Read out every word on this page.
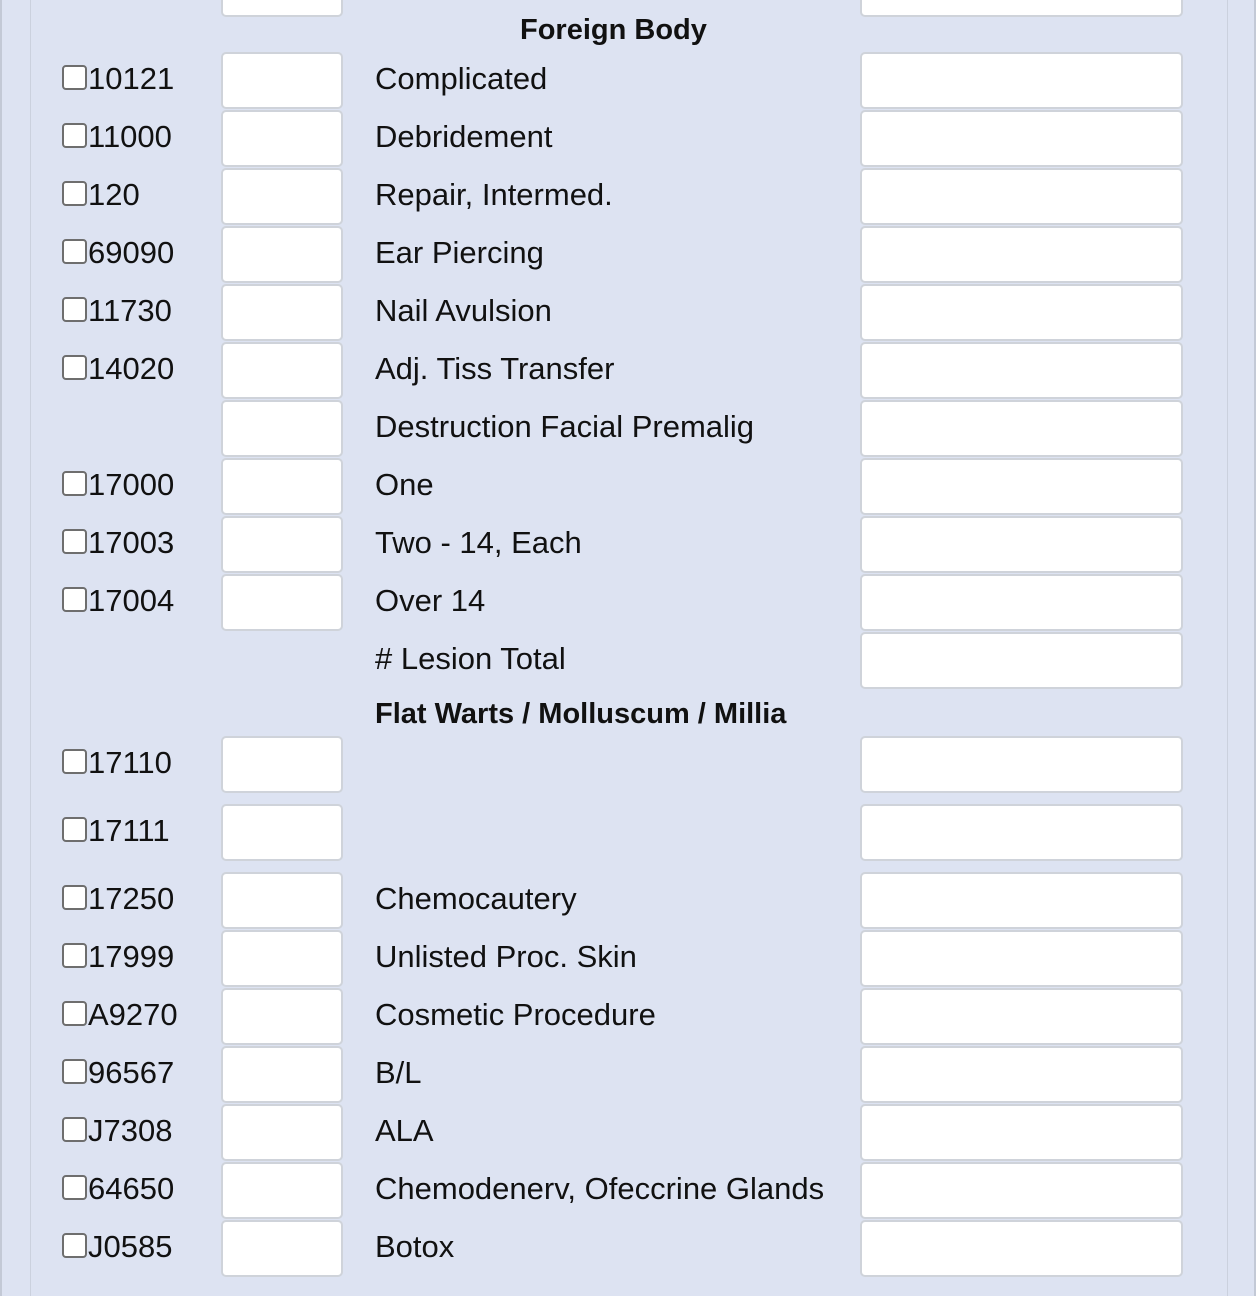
Foreign Body
10121	Complicated
11000	Debridement
120	Repair, Intermed.
69090	Ear Piercing
11730	Nail Avulsion
14020	Adj. Tiss Transfer
Destruction Facial Premalig
17000	One
17003	Two - 14, Each
17004	Over 14
# Lesion Total
Flat Warts / Molluscum / Millia
17110
17111
17250	Chemocautery
17999	Unlisted Proc. Skin
A9270	Cosmetic Procedure
96567	B/L
J7308	ALA
64650	Chemodenerv, Ofeccrine Glands
J0585	Botox
